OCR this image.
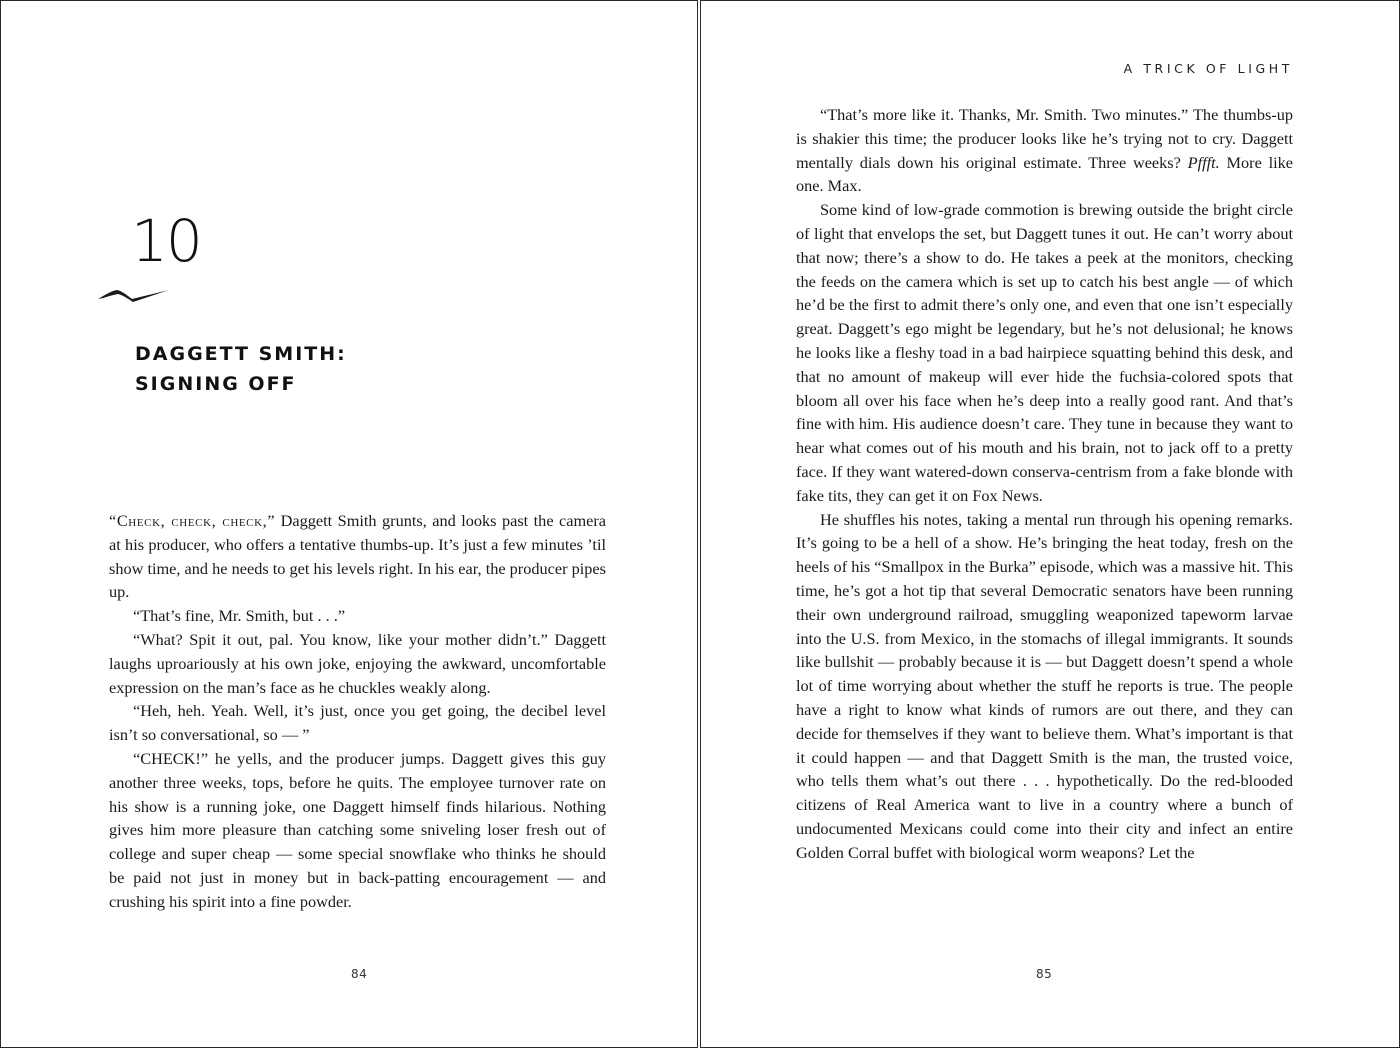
10
DAGGETT SMITH:
SIGNING OFF

“Check, check, check,” Daggett Smith grunts, and looks past the camera at his producer, who offers a tentative thumbs-up. It’s just a few minutes ’til show time, and he needs to get his levels right. In his ear, the producer pipes up.

“That’s fine, Mr. Smith, but . . .”

“What? Spit it out, pal. You know, like your mother didn’t.” Daggett laughs uproariously at his own joke, enjoying the awkward, uncomfortable expression on the man’s face as he chuckles weakly along.

“Heh, heh. Yeah. Well, it’s just, once you get going, the decibel level isn’t so conversational, so — ”

“CHECK!” he yells, and the producer jumps. Daggett gives this guy another three weeks, tops, before he quits. The employee turnover rate on his show is a running joke, one Daggett himself finds hilarious. Nothing gives him more pleasure than catching some sniveling loser fresh out of college and super cheap — some special snowflake who thinks he should be paid not just in money but in back-patting encouragement — and crushing his spirit into a fine powder.

84
A TRICK OF LIGHT

“That’s more like it. Thanks, Mr. Smith. Two minutes.” The thumbs-up is shakier this time; the producer looks like he’s trying not to cry. Daggett mentally dials down his original estimate. Three weeks? Pffft. More like one. Max.

Some kind of low-grade commotion is brewing outside the bright circle of light that envelops the set, but Daggett tunes it out. He can’t worry about that now; there’s a show to do. He takes a peek at the monitors, checking the feeds on the camera which is set up to catch his best angle — of which he’d be the first to admit there’s only one, and even that one isn’t especially great. Daggett’s ego might be legendary, but he’s not delusional; he knows he looks like a fleshy toad in a bad hairpiece squatting behind this desk, and that no amount of makeup will ever hide the fuchsia-colored spots that bloom all over his face when he’s deep into a really good rant. And that’s fine with him. His audience doesn’t care. They tune in because they want to hear what comes out of his mouth and his brain, not to jack off to a pretty face. If they want watered-down conserva-centrism from a fake blonde with fake tits, they can get it on Fox News.

He shuffles his notes, taking a mental run through his opening remarks. It’s going to be a hell of a show. He’s bringing the heat today, fresh on the heels of his “Smallpox in the Burka” episode, which was a massive hit. This time, he’s got a hot tip that several Democratic senators have been running their own underground railroad, smuggling weaponized tapeworm larvae into the U.S. from Mexico, in the stomachs of illegal immigrants. It sounds like bullshit — probably because it is — but Daggett doesn’t spend a whole lot of time worrying about whether the stuff he reports is true. The people have a right to know what kinds of rumors are out there, and they can decide for themselves if they want to believe them. What’s important is that it could happen — and that Daggett Smith is the man, the trusted voice, who tells them what’s out there . . . hypothetically. Do the red-blooded citizens of Real America want to live in a country where a bunch of undocumented Mexicans could come into their city and infect an entire Golden Corral buffet with biological worm weapons? Let the

85
